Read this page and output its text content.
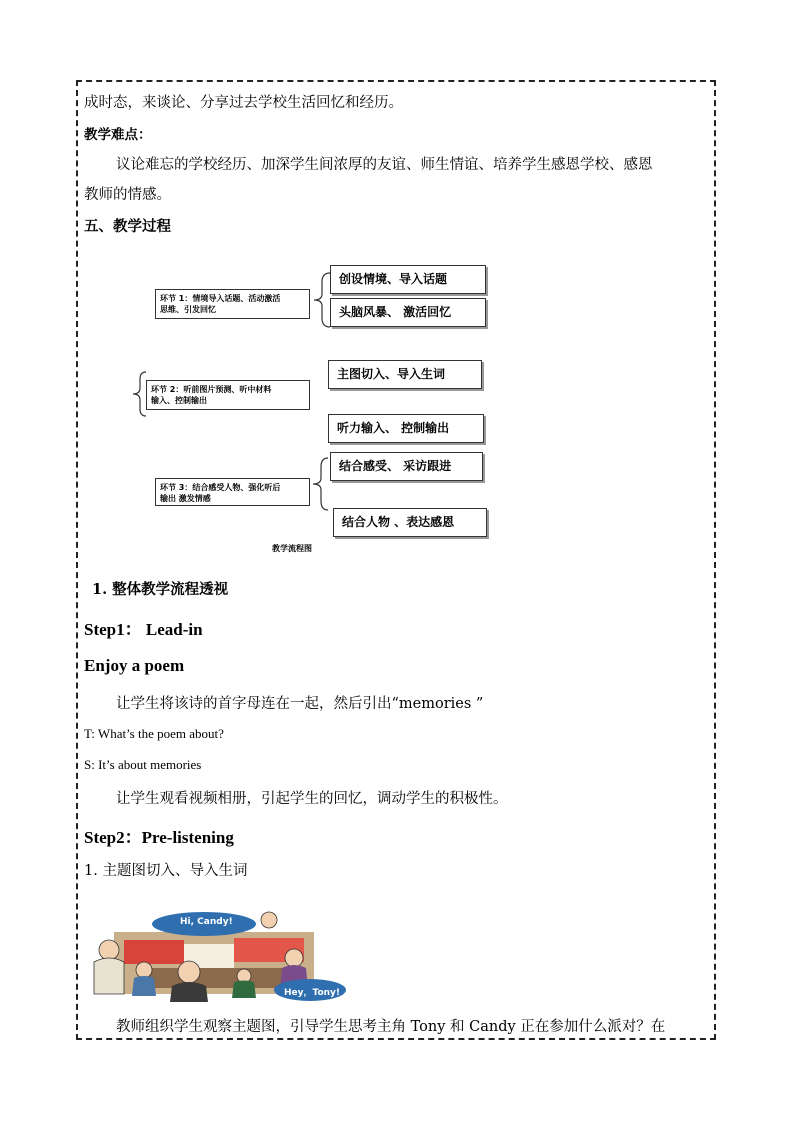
成时态，来谈论、分享过去学校生活回忆和经历。
教学难点：
议论难忘的学校经历、加深学生间浓厚的友谊、师生情谊、培养学生感恩学校、感恩
教师的情感。
五、教学过程
环节 1：情境导入话题、活动激活
思维、引发回忆
环节 2：听前图片预测、听中材料
输入、控制输出
环节 3：结合感受人物、强化听后
输出 激发情感
创设情境、导入话题
头脑风暴、 激活回忆
主图切入、导入生词
听力输入、 控制输出
结合感受、 采访跟进
结合人物 、表达感恩
教学流程图
1. 整体教学流程透视
Step1： Lead-in
Enjoy a poem
让学生将该诗的首字母连在一起，然后引出“memories ”
T: What’s the poem about?
S: It’s about memories
让学生观看视频相册，引起学生的回忆，调动学生的积极性。
Step2：Pre-listening
1. 主题图切入、导入生词
Hi, Candy!
Hey，Tony!
教师组织学生观察主题图，引导学生思考主角 Tony 和 Candy 正在参加什么派对？在
